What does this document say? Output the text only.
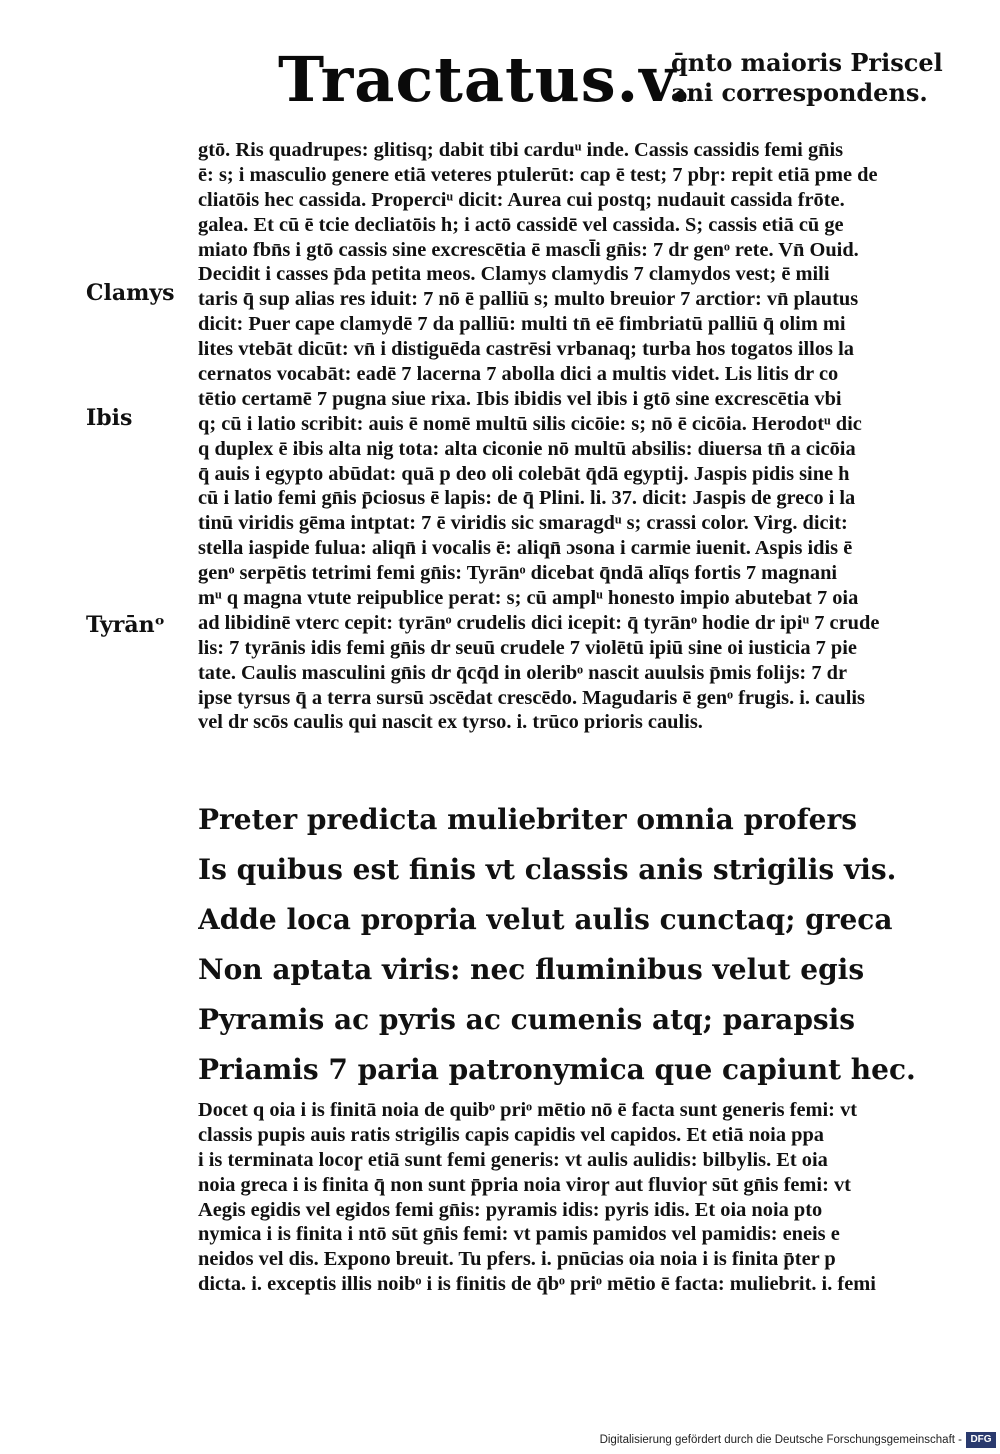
Tractatus.v.
q̄nto maioris Priscel
ani correspondens.
Clamys
Ibis
Tyrānᵒ
gtō. Ris quadrupes: glitisq; dabit tibi carduᵘ inde. Cassis cassidis femi gn̄is
ē: s; i masculio genere etiā veteres ptulerūt: cap ē test; 7 pbɼ: repit etiā pme de
cliatōis hec cassida. Properciᵘ dicit: Aurea cui postq; nudauit cassida frōte.
galea. Et cū ē tcie decliatōis h; i actō cassidē vel cassida. S; cassis etiā cū ge
miato fbn̄s i gtō cassis sine excrescētia ē mascl̄i gn̄is: 7 dr genᵒ rete. Vn̄ Ouid.
Decidit i casses p̄da petita meos. Clamys clamydis 7 clamydos vest; ē mili
taris q̄ sup alias res iduit: 7 nō ē palliū s; multo breuior 7 arctior: vn̄ plautus
dicit: Puer cape clamydē 7 da palliū: multi tn̄ eē fimbriatū palliū q̄ olim mi
lites vtebāt dicūt: vn̄ i distiguēda castrēsi vrbanaq; turba hos togatos illos la
cernatos vocabāt: eadē 7 lacerna 7 abolla dici a multis videt. Lis litis dr co
tētio certamē 7 pugna siue rixa. Ibis ibidis vel ibis i gtō sine excrescētia vbi
q; cū i latio scribit: auis ē nomē multū silis cicōie: s; nō ē cicōia. Herodotᵘ dic
q duplex ē ibis alta nig tota: alta ciconie nō multū absilis: diuersa tn̄ a cicōia
q̄ auis i egypto abūdat: quā p deo oli colebāt q̄dā egyptij. Jaspis pidis sine h
cū i latio femi gn̄is p̄ciosus ē lapis: de q̄ Plini. li. 37. dicit: Jaspis de greco i la
tinū viridis gēma intptat: 7 ē viridis sic smaragdᵘ s; crassi color. Virg. dicit:
stella iaspide fulua: aliqn̄ i vocalis ē: aliqn̄ ɔsona i carmie iuenit. Aspis idis ē
genᵒ serpētis tetrimi femi gn̄is: Tyrānᵒ dicebat q̄ndā alīqs fortis 7 magnani
mᵘ q magna vtute reipublice perat: s; cū amplᵘ honesto impio abutebat 7 oia
ad libidinē vterc cepit: tyrānᵒ crudelis dici icepit: q̄ tyrānᵒ hodie dr ipiᵘ 7 crude
lis: 7 tyrānis idis femi gn̄is dr seuū crudele 7 violētū ipiū sine oi iusticia 7 pie
tate. Caulis masculini gn̄is dr q̄cq̄d in oleribᵒ nascit auulsis p̄mis folijs: 7 dr
ipse tyrsus q̄ a terra sursū ɔscēdat crescēdo. Magudaris ē genᵒ frugis. i. caulis
vel dr scōs caulis qui nascit ex tyrso. i. trūco prioris caulis.
Preter predicta muliebriter omnia profers
Is quibus est finis vt classis anis strigilis vis.
Adde loca propria velut aulis cunctaq; greca
Non aptata viris: nec fluminibus velut egis
Pyramis ac pyris ac cumenis atq; parapsis
Priamis 7 paria patronymica que capiunt hec.
Docet q oia i is finitā noia de quibᵒ priᵒ mētio nō ē facta sunt generis femi: vt
classis pupis auis ratis strigilis capis capidis vel capidos. Et etiā noia ppa
i is terminata locoɼ etiā sunt femi generis: vt aulis aulidis: bilbylis. Et oia
noia greca i is finita q̄ non sunt p̄pria noia viroɼ aut fluvioɼ sūt gn̄is femi: vt
Aegis egidis vel egidos femi gn̄is: pyramis idis: pyris idis. Et oia noia pto
nymica i is finita i ntō sūt gn̄is femi: vt pamis pamidos vel pamidis: eneis e
neidos vel dis. Expono breuit. Tu pfers. i. pnūcias oia noia i is finita p̄ter p
dicta. i. exceptis illis noibᵒ i is finitis de q̄bᵒ priᵒ mētio ē facta: muliebrit. i. femi
Digitalisierung gefördert durch die Deutsche Forschungsgemeinschaft - DFG
